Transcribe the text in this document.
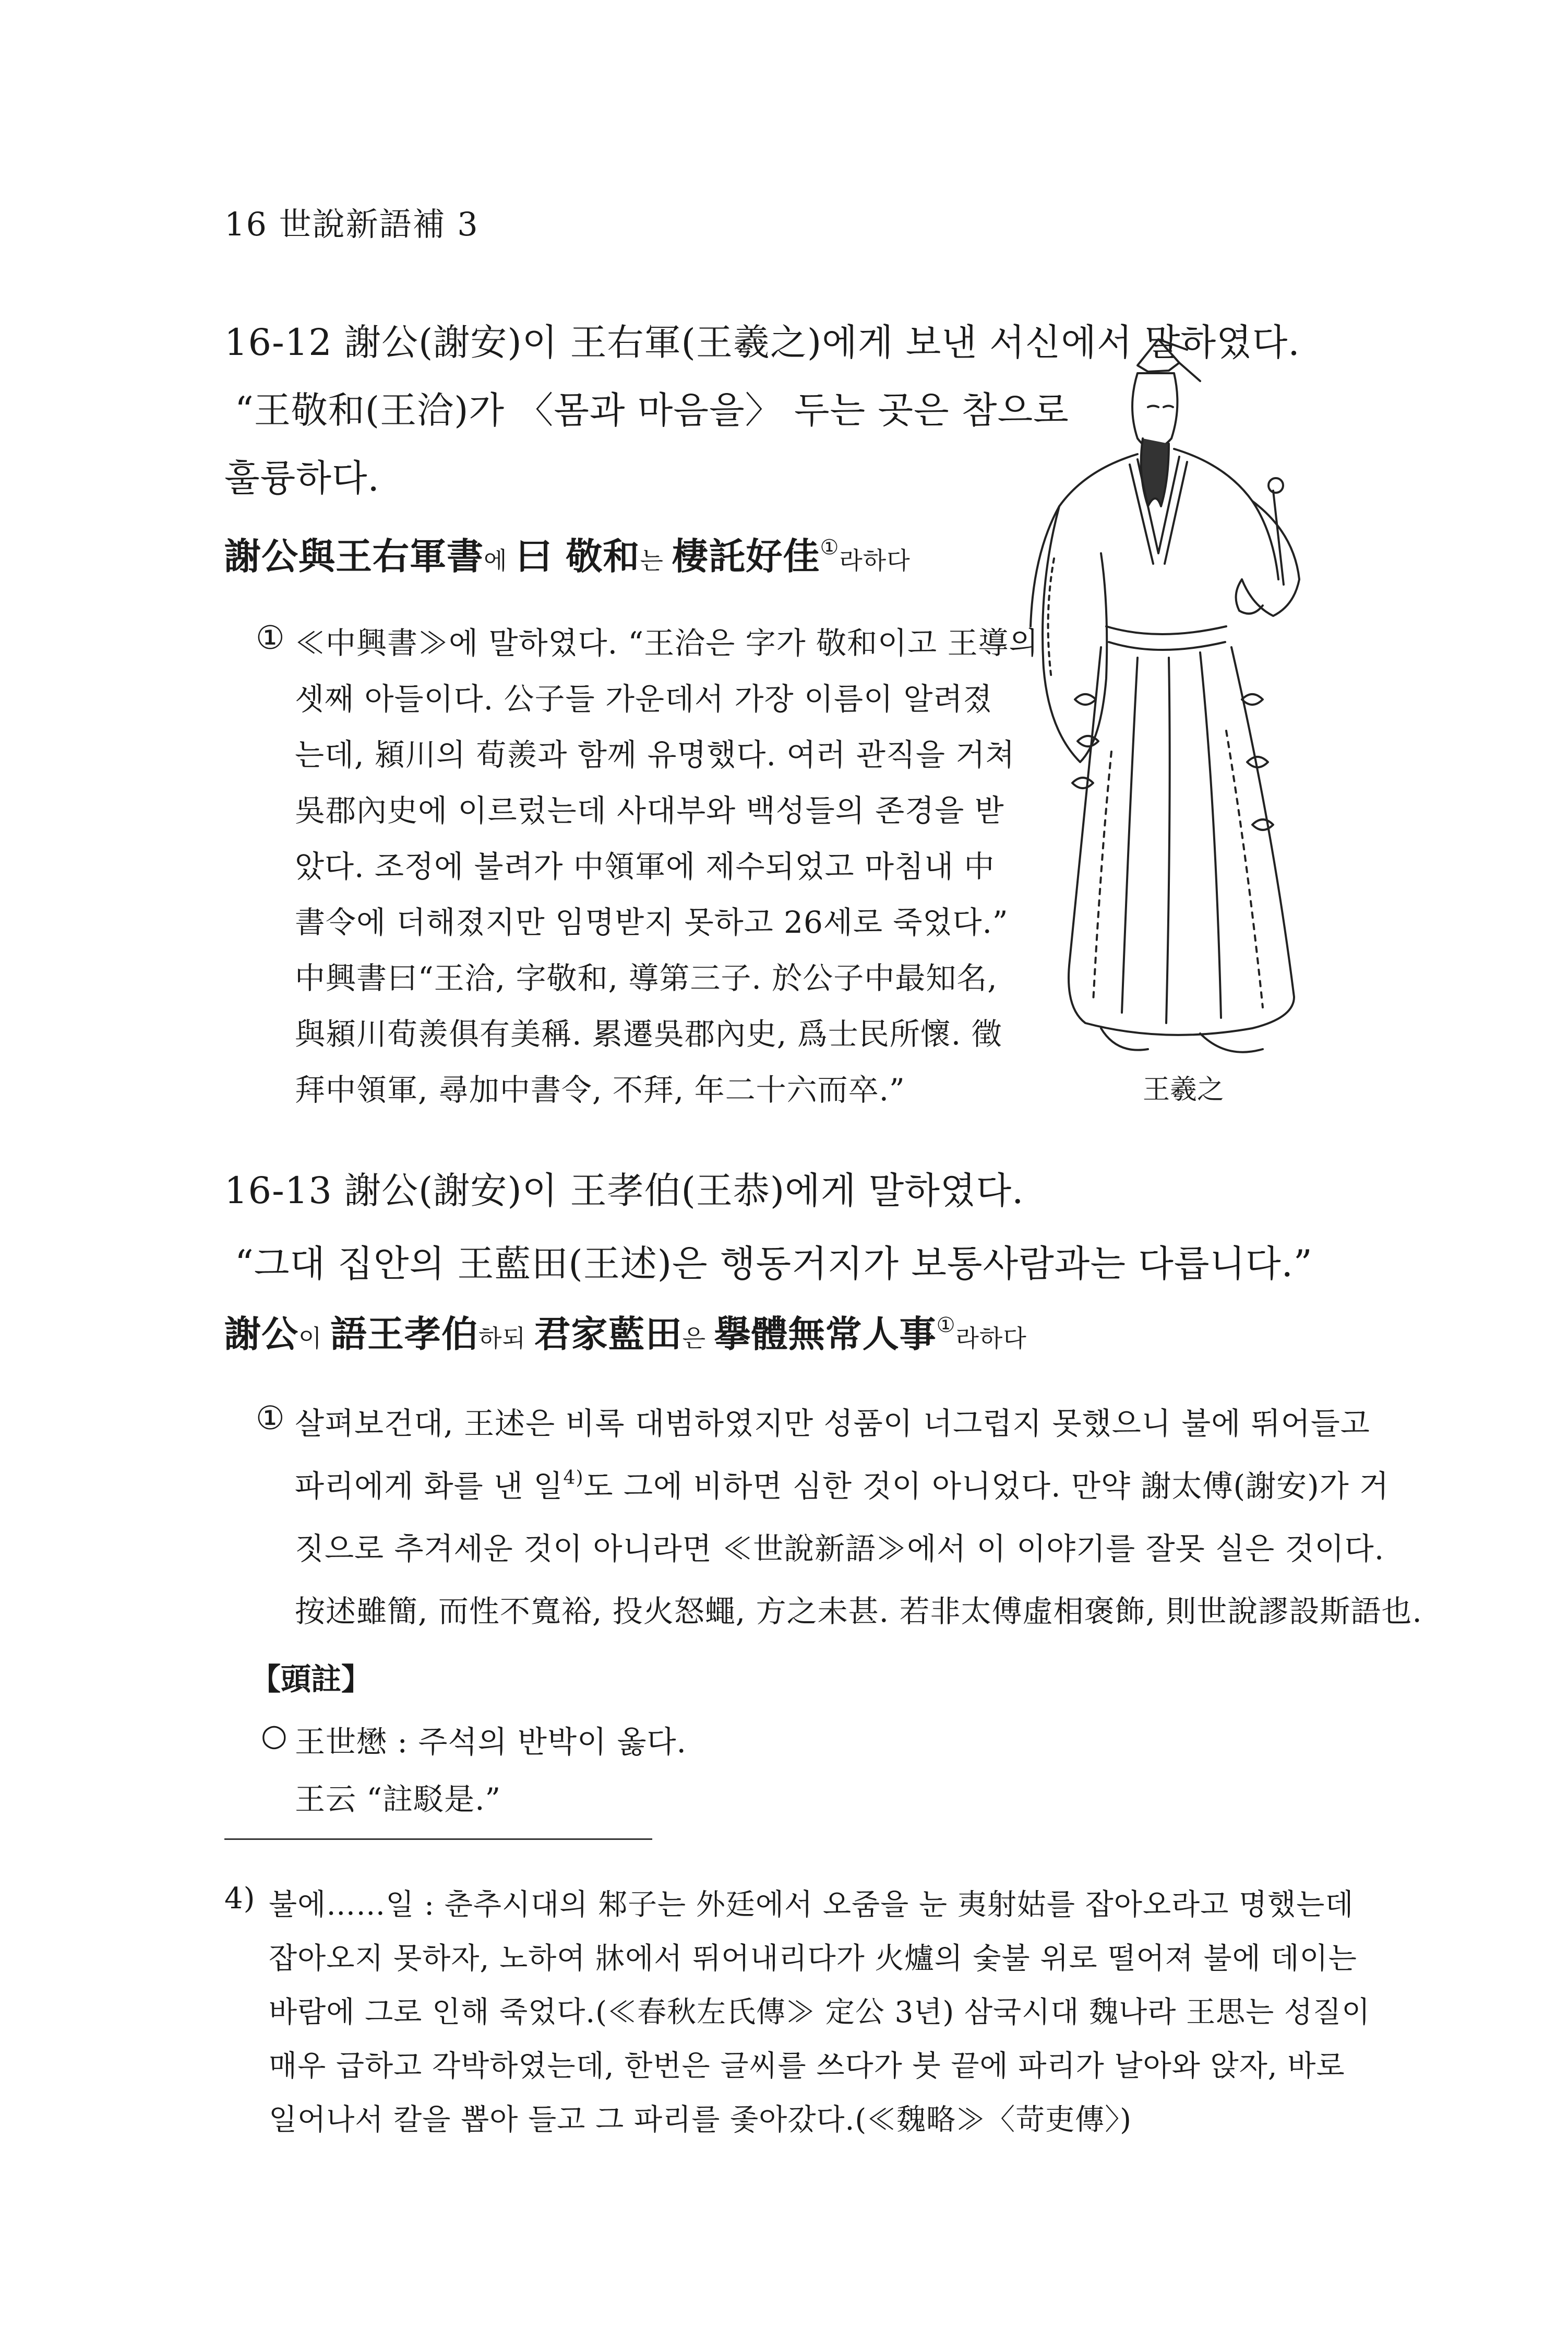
16 世說新語補 3
16-12 謝公(謝安)이 王右軍(王羲之)에게 보낸 서신에서 말하였다.
“王敬和(王洽)가 〈몸과 마음을〉 두는 곳은 참으로
훌륭하다.
謝公與王右軍書에 曰 敬和는 棲託好佳①라하다
① ≪中興書≫에 말하였다. “王洽은 字가 敬和이고 王導의
셋째 아들이다. 公子들 가운데서 가장 이름이 알려졌
는데, 潁川의 荀羨과 함께 유명했다. 여러 관직을 거쳐
吳郡內史에 이르렀는데 사대부와 백성들의 존경을 받
았다. 조정에 불려가 中領軍에 제수되었고 마침내 中
書令에 더해졌지만 임명받지 못하고 26세로 죽었다.”
中興書曰“王洽, 字敬和, 導第三子. 於公子中最知名,
與潁川荀羨俱有美稱. 累遷吳郡內史, 爲士民所懷. 徵
拜中領軍, 尋加中書令, 不拜, 年二十六而卒.”	王羲之
16-13 謝公(謝安)이 王孝伯(王恭)에게 말하였다.
“그대 집안의 王藍田(王述)은 행동거지가 보통사람과는 다릅니다.”
謝公이 語王孝伯하되 君家藍田은 擧體無常人事①라하다
① 살펴보건대, 王述은 비록 대범하였지만 성품이 너그럽지 못했으니 불에 뛰어들고
파리에게 화를 낸 일$^{4)}$도 그에 비하면 심한 것이 아니었다. 만약 謝太傅(謝安)가 거
짓으로 추겨세운 것이 아니라면 ≪世說新語≫에서 이 이야기를 잘못 실은 것이다.
按述雖簡, 而性不寬裕, 投火怒蠅, 方之未甚. 若非太傅虛相褒飾, 則世說謬設斯語也.
【頭註】
○ 王世懋 : 주석의 반박이 옳다.
王云 “註駁是.”
4) 불에……일 : 춘추시대의 邾子는 外廷에서 오줌을 눈 夷射姑를 잡아오라고 명했는데
잡아오지 못하자, 노하여 牀에서 뛰어내리다가 火爐의 숯불 위로 떨어져 불에 데이는
바람에 그로 인해 죽었다.(≪春秋左氏傳≫ 定公 3년) 삼국시대 魏나라 王思는 성질이
매우 급하고 각박하였는데, 한번은 글씨를 쓰다가 붓 끝에 파리가 날아와 앉자, 바로
일어나서 칼을 뽑아 들고 그 파리를 좇아갔다.(≪魏略≫〈苛吏傳〉)
